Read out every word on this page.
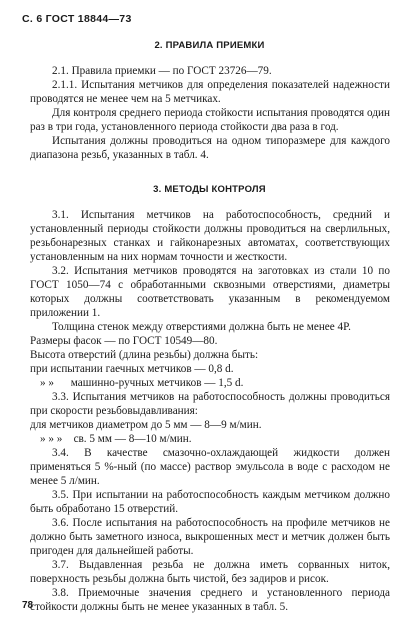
С. 6 ГОСТ 18844—73
2. ПРАВИЛА ПРИЕМКИ

2.1. Правила приемки — по ГОСТ 23726—79.

2.1.1. Испытания метчиков для определения показателей надежности проводятся не менее чем на 5 метчиках.

Для контроля среднего периода стойкости испытания проводятся один раз в три года, установленного периода стойкости два раза в год.

Испытания должны проводиться на одном типоразмере для каждого диапазона резьб, указанных в табл. 4.

3. МЕТОДЫ КОНТРОЛЯ

3.1. Испытания метчиков на работоспособность, средний и установленный периоды стойкости должны проводиться на сверлильных, резьбонарезных станках и гайконарезных автоматах, соответствующих установленным на них нормам точности и жесткости.

3.2. Испытания метчиков проводятся на заготовках из стали 10 по ГОСТ 1050—74 с обработанными сквозными отверстиями, диаметры которых должны соответствовать указанным в рекомендуемом приложении 1.

Толщина стенок между отверстиями должна быть не менее 4P.

Размеры фасок — по ГОСТ 10549—80.

Высота отверстий (длина резьбы) должна быть:

при испытании гаечных метчиков — 0,8 d.

» » машинно-ручных метчиков — 1,5 d.

3.3. Испытания метчиков на работоспособность должны проводиться при скорости резьбовыдавливания:

для метчиков диаметром до 5 мм — 8—9 м/мин.

» » » св. 5 мм — 8—10 м/мин.

3.4. В качестве смазочно-охлаждающей жидкости должен применяться 5 %-ный (по массе) раствор эмульсола в воде с расходом не менее 5 л/мин.

3.5. При испытании на работоспособность каждым метчиком должно быть обработано 15 отверстий.

3.6. После испытания на работоспособность на профиле метчиков не должно быть заметного износа, выкрошенных мест и метчик должен быть пригоден для дальнейшей работы.

3.7. Выдавленная резьба не должна иметь сорванных ниток, поверхность резьбы должна быть чистой, без задиров и рисок.

3.8. Приемочные значения среднего и установленного периода стойкости должны быть не менее указанных в табл. 5.

78
